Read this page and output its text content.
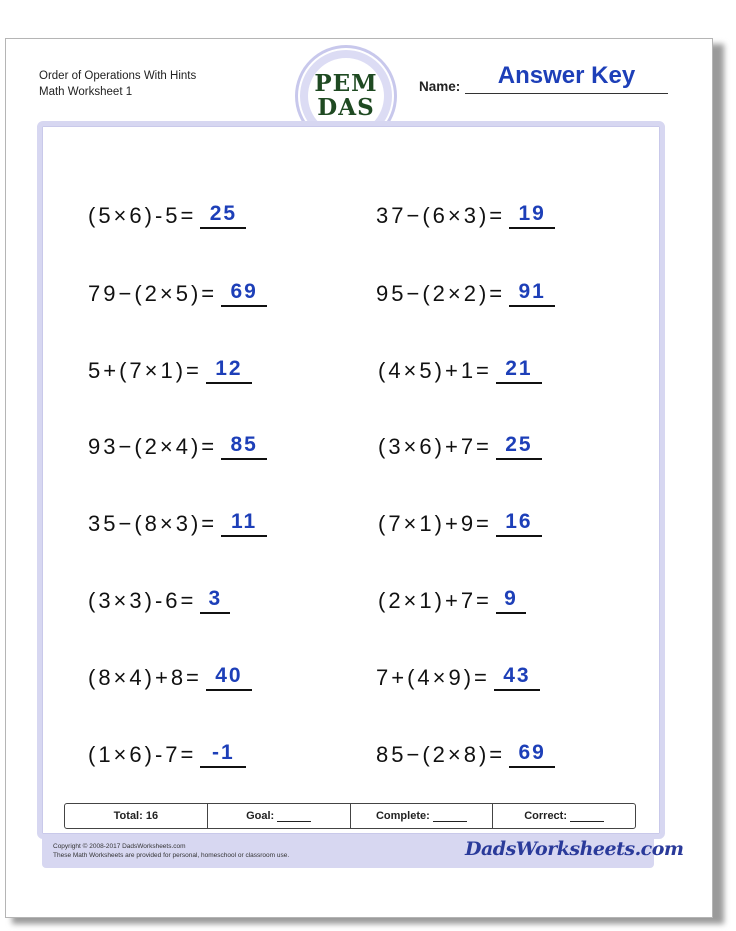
Order of Operations With Hints
Math Worksheet 1	PEM
DAS
Name:	Answer Key
(5×6)-5= 25	37−(6×3)= 19
79−(2×5)= 69	95−(2×2)= 91
5+(7×1)= 12	(4×5)+1= 21
93−(2×4)= 85	(3×6)+7= 25
35−(8×3)= 11	(7×1)+9= 16
(3×3)-6= 3	(2×1)+7= 9
(8×4)+8= 40	7+(4×9)= 43
(1×6)-7= -1	85−(2×8)= 69
Total: 16	Goal:	Complete:	Correct:
Copyright © 2008-2017 DadsWorksheets.com
These Math Worksheets are provided for personal, homeschool or classroom use.	DadsWorksheets.com
